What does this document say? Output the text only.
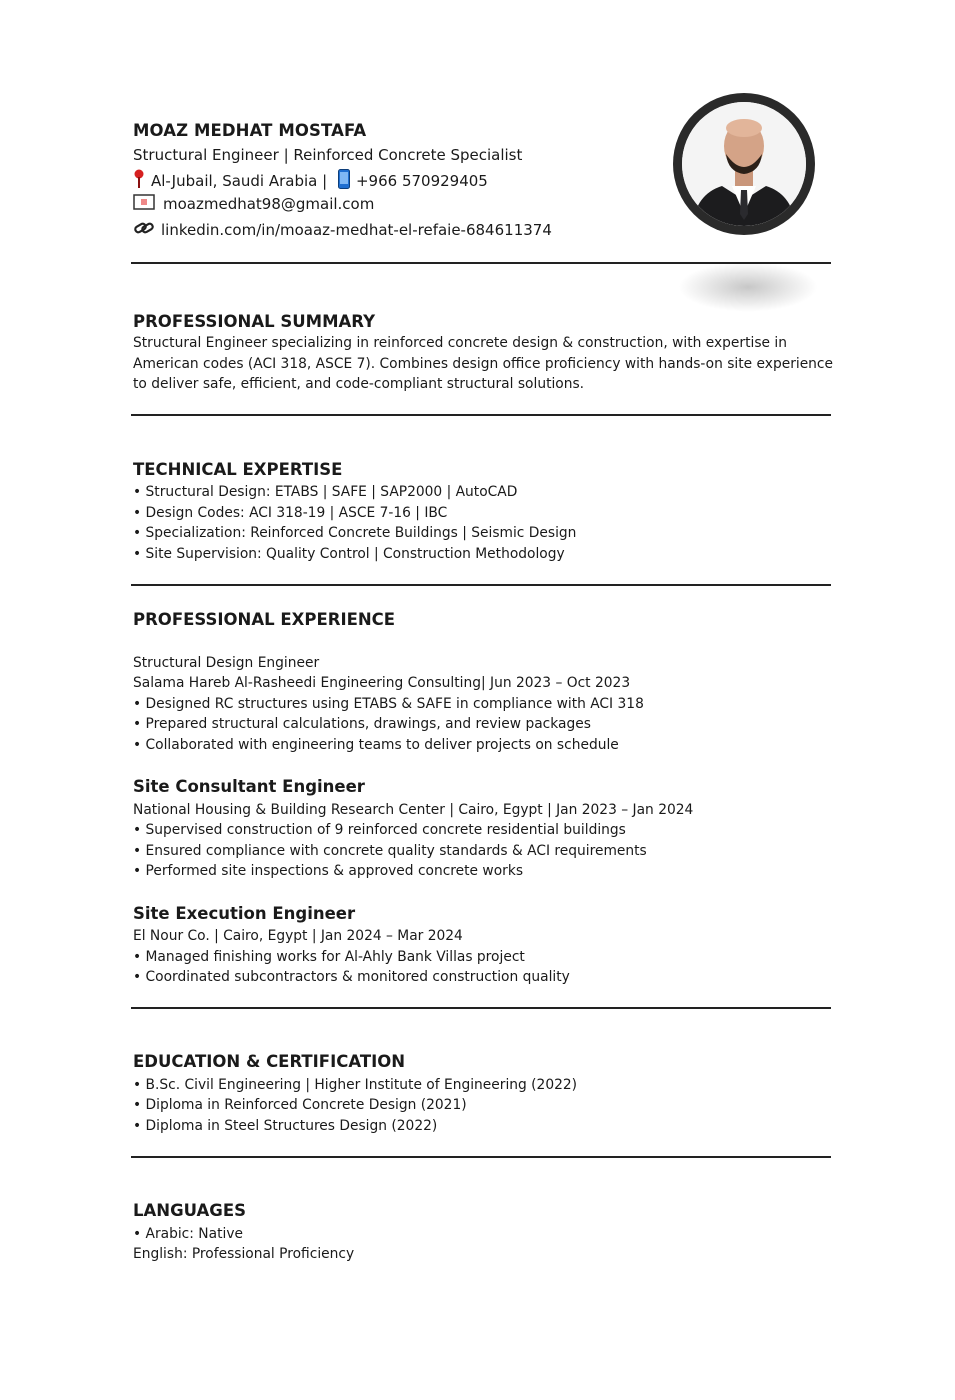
MOAZ MEDHAT MOSTAFA
Structural Engineer | Reinforced Concrete Specialist
Al-Jubail, Saudi Arabia | +966 570929405
moazmedhat98@gmail.com
linkedin.com/in/moaaz-medhat-el-refaie-684611374
PROFESSIONAL SUMMARY
Structural Engineer specializing in reinforced concrete design & construction, with expertise in
American codes (ACI 318, ASCE 7). Combines design office proficiency with hands-on site experience
to deliver safe, efficient, and code-compliant structural solutions.
TECHNICAL EXPERTISE
• Structural Design: ETABS | SAFE | SAP2000 | AutoCAD
• Design Codes: ACI 318-19 | ASCE 7-16 | IBC
• Specialization: Reinforced Concrete Buildings | Seismic Design
• Site Supervision: Quality Control | Construction Methodology
PROFESSIONAL EXPERIENCE
Structural Design Engineer
Salama Hareb Al-Rasheedi Engineering Consulting| Jun 2023 – Oct 2023
• Designed RC structures using ETABS & SAFE in compliance with ACI 318
• Prepared structural calculations, drawings, and review packages
• Collaborated with engineering teams to deliver projects on schedule
Site Consultant Engineer
National Housing & Building Research Center | Cairo, Egypt | Jan 2023 – Jan 2024
• Supervised construction of 9 reinforced concrete residential buildings
• Ensured compliance with concrete quality standards & ACI requirements
• Performed site inspections & approved concrete works
Site Execution Engineer
El Nour Co. | Cairo, Egypt | Jan 2024 – Mar 2024
• Managed finishing works for Al-Ahly Bank Villas project
• Coordinated subcontractors & monitored construction quality
EDUCATION & CERTIFICATION
• B.Sc. Civil Engineering | Higher Institute of Engineering (2022)
• Diploma in Reinforced Concrete Design (2021)
• Diploma in Steel Structures Design (2022)
LANGUAGES
• Arabic: Native
English: Professional Proficiency
